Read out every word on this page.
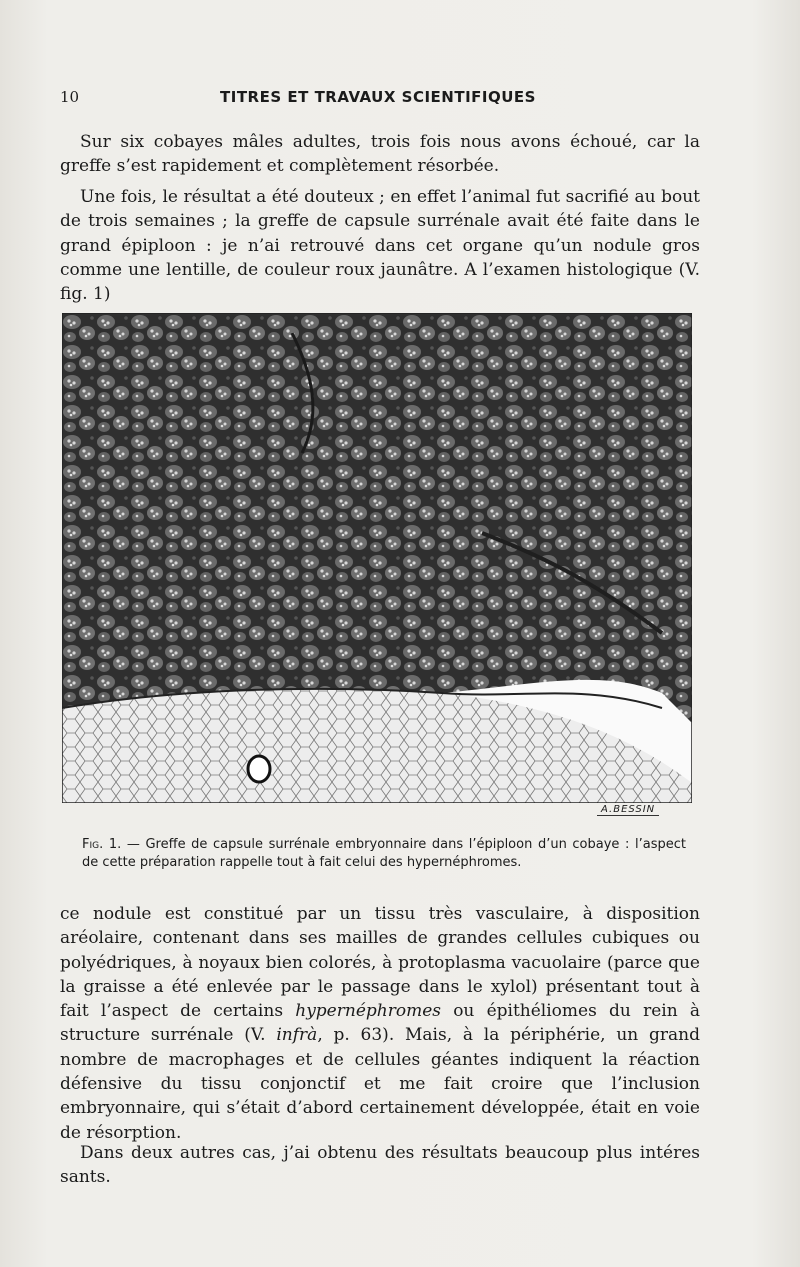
10	TITRES ET TRAVAUX SCIENTIFIQUES

Sur six cobayes mâles adultes, trois fois nous avons échoué, car la greffe s’est rapidement et complètement résorbée.

Une fois, le résultat a été douteux ; en effet l’animal fut sacrifié au bout de trois semaines ; la greffe de capsule surrénale avait été faite dans le grand épiploon : je n’ai retrouvé dans cet organe qu’un nodule gros comme une lentille, de couleur roux jaunâtre. A l’examen histologique (V. fig. 1)

A.BESSIN

Fig. 1. — Greffe de capsule surrénale embryonnaire dans l’épiploon d’un cobaye : l’aspect de cette préparation rappelle tout à fait celui des hypernéphromes.

ce nodule est constitué par un tissu très vasculaire, à disposition aréolaire, contenant dans ses mailles de grandes cellules cubiques ou polyédriques, à noyaux bien colorés, à protoplasma vacuolaire (parce que la graisse a été enlevée par le passage dans le xylol) présentant tout à fait l’aspect de certains hypernéphromes ou épithéliomes du rein à structure surrénale (V. infrà, p. 63). Mais, à la périphérie, un grand nombre de macrophages et de cellules géantes indiquent la réaction défensive du tissu conjonctif et me fait croire que l’inclusion embryonnaire, qui s’était d’abord certainement développée, était en voie de résorption.

Dans deux autres cas, j’ai obtenu des résultats beaucoup plus intéres sants.
